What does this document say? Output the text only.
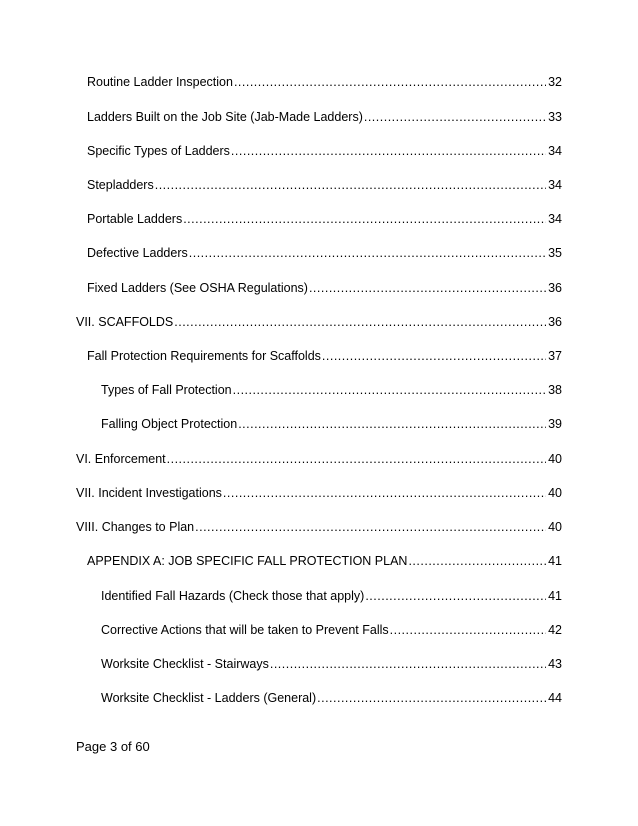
Routine Ladder Inspection .....	32
Ladders Built on the Job Site (Jab-Made Ladders) .....	33
Specific Types of Ladders .....	34
Stepladders .....	34
Portable Ladders .....	34
Defective Ladders .....	35
Fixed Ladders (See OSHA Regulations) .....	36
VII. SCAFFOLDS .....	36
Fall Protection Requirements for Scaffolds .....	37
Types of Fall Protection .....	38
Falling Object Protection .....	39
VI. Enforcement .....	40
VII. Incident Investigations .....	40
VIII. Changes to Plan .....	40
APPENDIX A: JOB SPECIFIC FALL PROTECTION PLAN .....	41
Identified Fall Hazards (Check those that apply) .....	41
Corrective Actions that will be taken to Prevent Falls .....	42
Worksite Checklist - Stairways .....	43
Worksite Checklist - Ladders (General) .....	44
Page 3 of 60
